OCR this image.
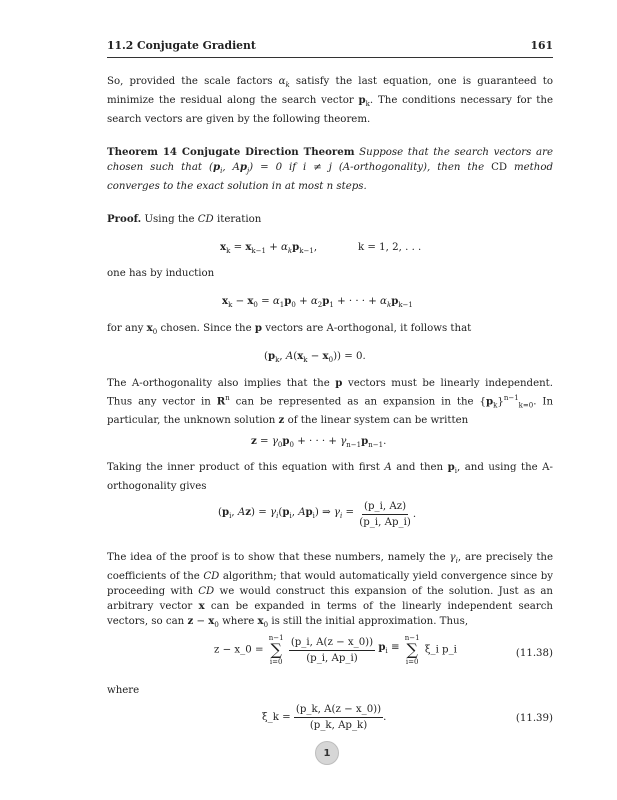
11.2 Conjugate Gradient	161

So, provided the scale factors $\alpha_k$ satisfy the last equation, one is guaranteed to minimize the residual along the search vector $p_k$. The conditions necessary for the search vectors are given by the following theorem.

Theorem 14 Conjugate Direction Theorem Suppose that the search vectors are chosen such that ($p_i$, $Ap_j) = 0$ if i ≠ j (A-orthogonality), then the CD method converges to the exact solution in at most n steps.

Proof. Using the CD iteration

$x_k = x_{k-1} + \alpha_kp_{k-1}$,	k = 1, 2, . . .
one has by induction
$x_k - x_0 = \alpha_1p_0 + \alpha_2p_1$ + · · · + $\alpha_kp_{k-1}$

for any $x_0$ chosen. Since the p vectors are A-orthogonal, it follows that

($p_k$, $A(x_k - x_0)) = 0$.

The A-orthogonality also implies that the p vectors must be linearly independent. Thus any vector in $R^n$ can be represented as an expansion in the $\{p_k\}^{n-1}_{k=0}$. In particular, the unknown solution z of the linear system can be written

$z = \gamma_0p_0$ + · · · + $\gamma_{n-1}p_{n-1}$.

Taking the inner product of this equation with first A and then $p_i$, and using the A-orthogonality gives

($p_i$, $Az) = \gamma_i(p_i$, $Ap_i$) ⇒ $\gamma_i = \frac{(p\_i, Az)}{(p\_i, Ap\_i)}$ .

The idea of the proof is to show that these numbers, namely the $\gamma_i$, are precisely the coefficients of the CD algorithm; that would automatically yield convergence since by proceeding with CD we would construct this expansion of the solution. Just as an arbitrary vector x can be expanded in terms of the linearly independent search vectors, so can $z - x_0$ where $x_0$ is still the initial approximation. Thus,

z − x_0 =
n−1
∑
i=0
$\frac{(p\_i, A(z - x\_0))}{(p\_i, Ap\_i)} p_i$ ≡
n−1
∑
i=0
ξ_i p_i	(11.38)
where
ξ_k = $\frac{(p\_k, A(z - x\_0))}{(p\_k, Ap\_k)}$ .	(11.39)
1
